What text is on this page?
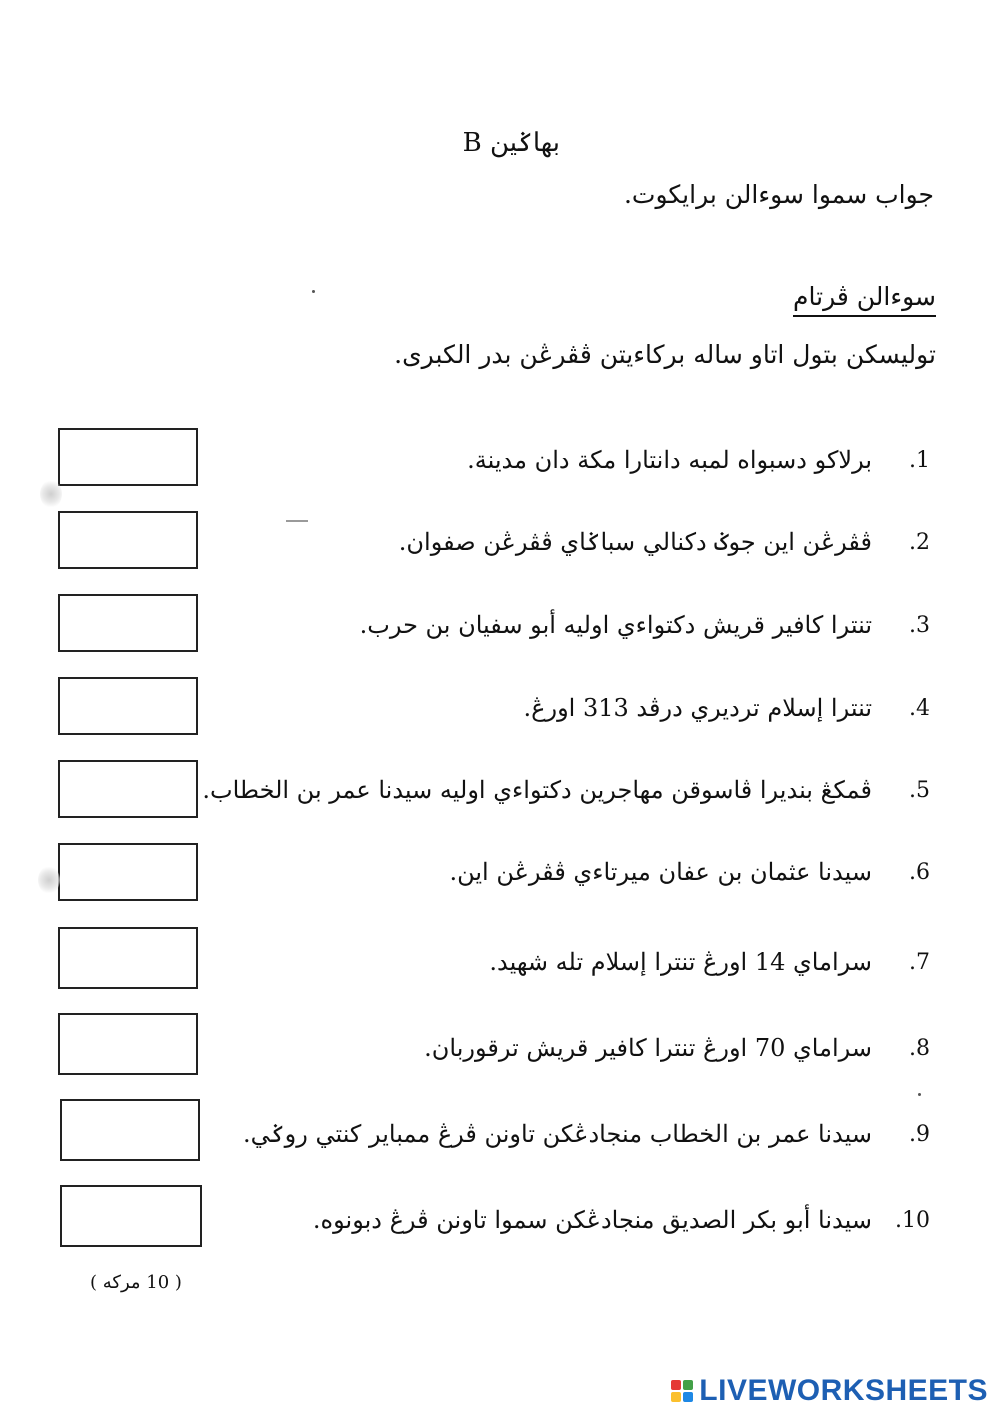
بهاݢين B
جواب سموا سوءالن برايكوت.
سوءالن ڤرتام
توليسكن بتول اتاو ساله بركاءيتن ڤڤرڠن بدر الكبرى.
برلاكو دسبواه لمبه دانتارا مكة دان مدينة.	.1
ڤڤرڠن اين جوݢ دكنالي سباݢاي ڤڤرڠن صفوان.	.2
تنترا كافير قريش دكتواءي اوليه أبو سفيان بن حرب.	.3
تنترا إسلام ترديري درڤد 313 اورڠ.	.4
ڤمكڠ بنديرا ڤاسوقن مهاجرين دكتواءي اوليه سيدنا عمر بن الخطاب.	.5
سيدنا عثمان بن عفان ميرتاءي ڤڤرڠن اين.	.6
سراماي 14 اورڠ تنترا إسلام تله شهيد.	.7
سراماي 70 اورڠ تنترا كافير قريش ترقوربان.	.8
سيدنا عمر بن الخطاب منجادڠكن تاونن ڤرڠ ممباير كنتي روݢي.	.9
سيدنا أبو بكر الصديق منجادڠكن سموا تاونن ڤرڠ دبونوه.	.10
( 10 مركه )
LIVEWORKSHEETS
